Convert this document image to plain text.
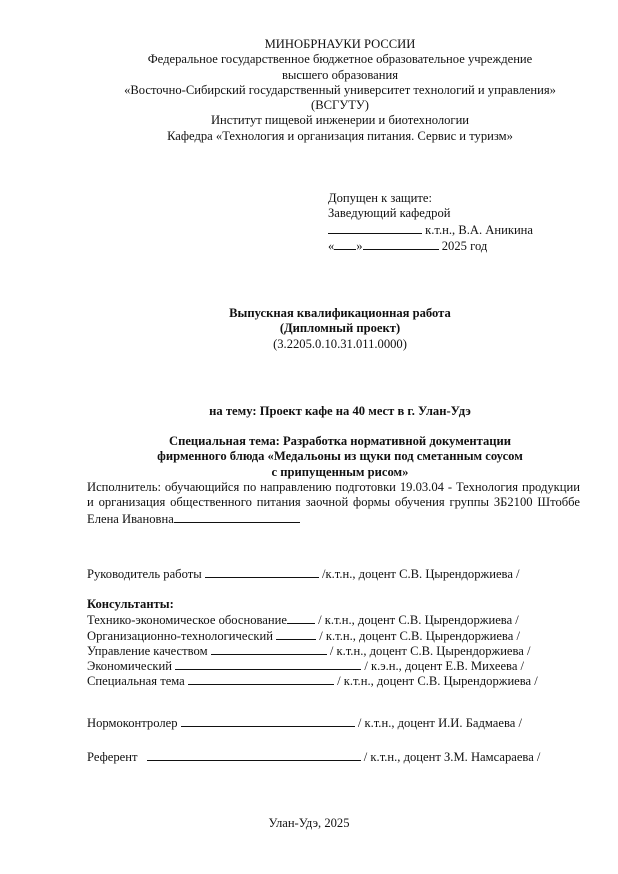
МИНОБРНАУКИ РОССИИ
Федеральное государственное бюджетное образовательное учреждение
высшего образования
«Восточно-Сибирский государственный университет технологий и управления»
(ВСГУТУ)
Институт пищевой инженерии и биотехнологии
Кафедра «Технология и организация питания. Сервис и туризм»
Допущен к защите:
Заведующий кафедрой
к.т.н., В.А. Аникина
« »	2025 год
Выпускная квалификационная работа
(Дипломный проект)
(3.2205.0.10.31.011.0000)
на тему: Проект кафе на 40 мест в г. Улан-Удэ
Специальная тема: Разработка нормативной документации
фирменного блюда «Медальоны из щуки под сметанным соусом
с припущенным рисом»
Исполнитель: обучающийся по направлению подготовки 19.03.04 - Технология продукции и организация общественного питания заочной формы обучения группы ЗБ2100 Штоббе Елена Ивановна
Руководитель работы	/к.т.н., доцент С.В. Цырендоржиева /
Консультанты:
Технико-экономическое обоснование / к.т.н., доцент С.В. Цырендоржиева /
Организационно-технологический	/ к.т.н., доцент С.В. Цырендоржиева /
Управление качеством	/ к.т.н., доцент С.В. Цырендоржиева /
Экономический	/ к.э.н., доцент Е.В. Михеева /
Специальная тема	/ к.т.н., доцент С.В. Цырендоржиева /
Нормоконтролер	/ к.т.н., доцент И.И. Бадмаева /
Референт	/ к.т.н., доцент З.М. Намсараева /
Улан-Удэ, 2025
